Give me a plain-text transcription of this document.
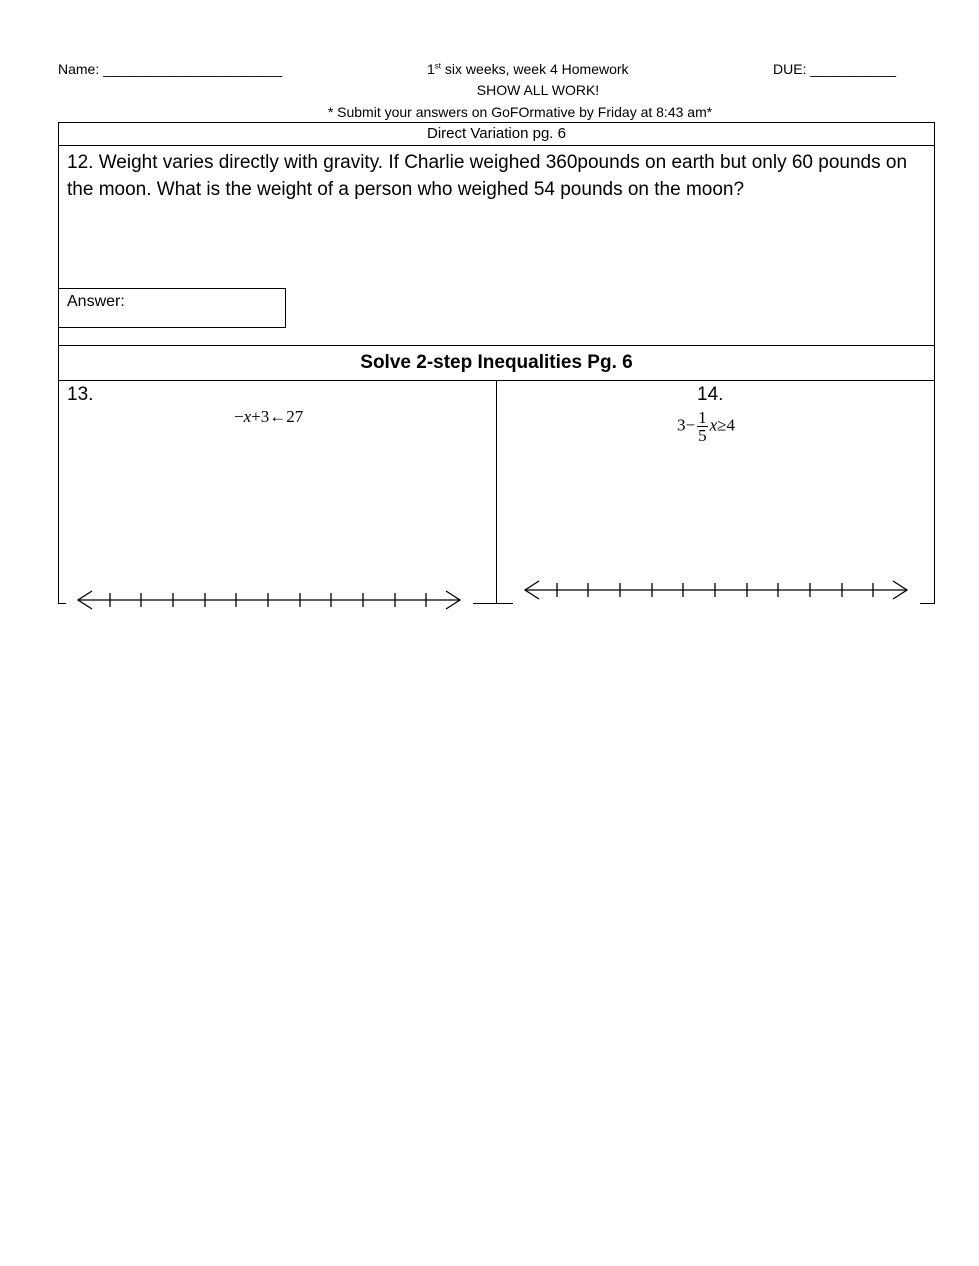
Name: _______________________	1st six weeks, week 4 Homework	DUE: ___________
SHOW ALL WORK!
* Submit your answers on GoFOrmative by Friday at 8:43 am*
Direct Variation pg. 6
12. Weight varies directly with gravity. If Charlie weighed 360pounds on earth but only 60 pounds on the moon. What is the weight of a person who weighed 54 pounds on the moon?
Answer:
Solve 2-step Inequalities Pg. 6
13.
−x+3←27
14.
$3- \frac{1}{5} x\ge 4$
